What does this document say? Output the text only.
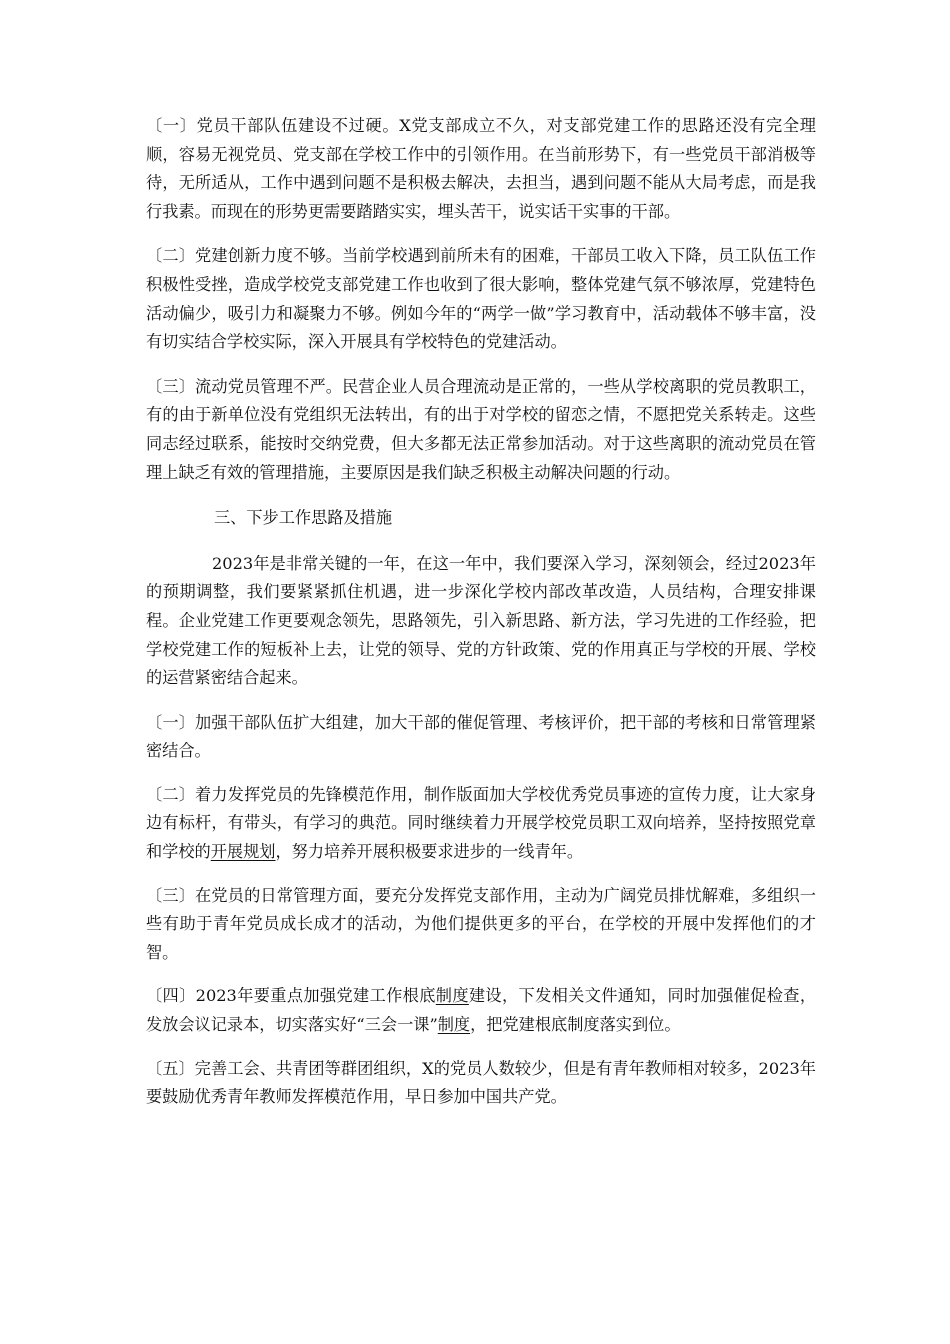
〔一〕党员干部队伍建设不过硬。X党支部成立不久，对支部党建工作的思路还没有完全理顺，容易无视党员、党支部在学校工作中的引领作用。在当前形势下，有一些党员干部消极等待，无所适从，工作中遇到问题不是积极去解决，去担当，遇到问题不能从大局考虑，而是我行我素。而现在的形势更需要踏踏实实，埋头苦干，说实话干实事的干部。

〔二〕党建创新力度不够。当前学校遇到前所未有的困难，干部员工收入下降，员工队伍工作积极性受挫，造成学校党支部党建工作也收到了很大影响，整体党建气氛不够浓厚，党建特色活动偏少，吸引力和凝聚力不够。例如今年的“两学一做”学习教育中，活动载体不够丰富，没有切实结合学校实际，深入开展具有学校特色的党建活动。

〔三〕流动党员管理不严。民营企业人员合理流动是正常的，一些从学校离职的党员教职工，有的由于新单位没有党组织无法转出，有的出于对学校的留恋之情，不愿把党关系转走。这些同志经过联系，能按时交纳党费，但大多都无法正常参加活动。对于这些离职的流动党员在管理上缺乏有效的管理措施，主要原因是我们缺乏积极主动解决问题的行动。

三、下步工作思路及措施

2023年是非常关键的一年，在这一年中，我们要深入学习，深刻领会，经过2023年的预期调整，我们要紧紧抓住机遇，进一步深化学校内部改革改造，人员结构，合理安排课程。企业党建工作更要观念领先，思路领先，引入新思路、新方法，学习先进的工作经验，把学校党建工作的短板补上去，让党的领导、党的方针政策、党的作用真正与学校的开展、学校的运营紧密结合起来。

〔一〕加强干部队伍扩大组建，加大干部的催促管理、考核评价，把干部的考核和日常管理紧密结合。

〔二〕着力发挥党员的先锋模范作用，制作版面加大学校优秀党员事迹的宣传力度，让大家身边有标杆，有带头，有学习的典范。同时继续着力开展学校党员职工双向培养，坚持按照党章和学校的开展规划，努力培养开展积极要求进步的一线青年。

〔三〕在党员的日常管理方面，要充分发挥党支部作用，主动为广阔党员排忧解难，多组织一些有助于青年党员成长成才的活动，为他们提供更多的平台，在学校的开展中发挥他们的才智。

〔四〕2023年要重点加强党建工作根底制度建设，下发相关文件通知，同时加强催促检查，发放会议记录本，切实落实好“三会一课”制度，把党建根底制度落实到位。

〔五〕完善工会、共青团等群团组织，X的党员人数较少，但是有青年教师相对较多，2023年要鼓励优秀青年教师发挥模范作用，早日参加中国共产党。
